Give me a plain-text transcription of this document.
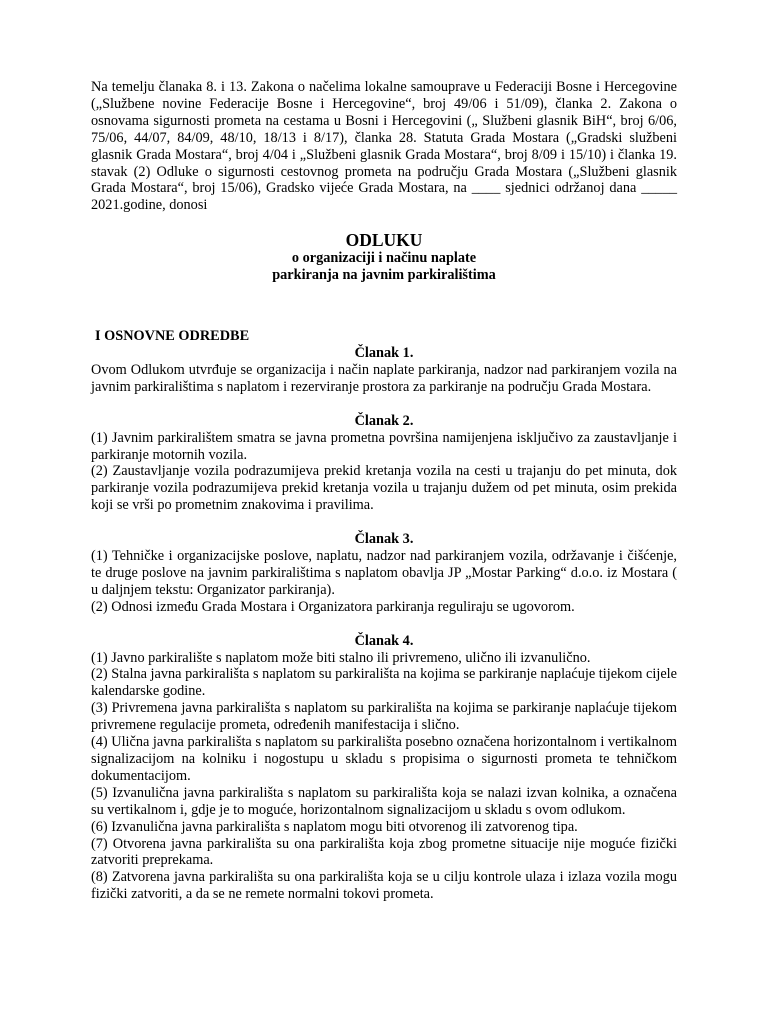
Na temelju članaka 8. i 13. Zakona o načelima lokalne samouprave u Federaciji Bosne i Hercegovine („Službene novine Federacije Bosne i Hercegovine“, broj 49/06 i 51/09), članka 2. Zakona o osnovama sigurnosti prometa na cestama u Bosni i Hercegovini („ Službeni glasnik BiH“, broj 6/06, 75/06, 44/07, 84/09, 48/10, 18/13 i 8/17), članka 28. Statuta Grada Mostara („Gradski službeni glasnik Grada Mostara“, broj 4/04 i „Službeni glasnik Grada Mostara“, broj 8/09 i 15/10) i članka 19. stavak (2) Odluke o sigurnosti cestovnog prometa na području Grada Mostara („Službeni glasnik Grada Mostara“, broj 15/06), Gradsko vijeće Grada Mostara, na ____ sjednici održanoj dana _____ 2021.godine, donosi

ODLUKU
o organizaciji i načinu naplate
parkiranja na javnim parkiralištima
I OSNOVNE ODREDBE
Članak 1.

Ovom Odlukom utvrđuje se organizacija i način naplate parkiranja, nadzor nad parkiranjem vozila na javnim parkiralištima s naplatom i rezerviranje prostora za parkiranje na području Grada Mostara.

Članak 2.

(1) Javnim parkiralištem smatra se javna prometna površina namijenjena isključivo za zaustavljanje i parkiranje motornih vozila.

(2) Zaustavljanje vozila podrazumijeva prekid kretanja vozila na cesti u trajanju do pet minuta, dok parkiranje vozila podrazumijeva prekid kretanja vozila u trajanju dužem od pet minuta, osim prekida koji se vrši po prometnim znakovima i pravilima.

Članak 3.

(1) Tehničke i organizacijske poslove, naplatu, nadzor nad parkiranjem vozila, održavanje i čišćenje, te druge poslove na javnim parkiralištima s naplatom obavlja JP „Mostar Parking“ d.o.o. iz Mostara ( u daljnjem tekstu: Organizator parkiranja).

(2) Odnosi između Grada Mostara i Organizatora parkiranja reguliraju se ugovorom.

Članak 4.

(1) Javno parkiralište s naplatom može biti stalno ili privremeno, ulično ili izvanulično.

(2) Stalna javna parkirališta s naplatom su parkirališta na kojima se parkiranje naplaćuje tijekom cijele kalendarske godine.

(3) Privremena javna parkirališta s naplatom su parkirališta na kojima se parkiranje naplaćuje tijekom privremene regulacije prometa, određenih manifestacija i slično.

(4) Ulična javna parkirališta s naplatom su parkirališta posebno označena horizontalnom i vertikalnom signalizacijom na kolniku i nogostupu u skladu s propisima o sigurnosti prometa te tehničkom dokumentacijom.

(5) Izvanulična javna parkirališta s naplatom su parkirališta koja se nalazi izvan kolnika, a označena su vertikalnom i, gdje je to moguće, horizontalnom signalizacijom u skladu s ovom odlukom.

(6) Izvanulična javna parkirališta s naplatom mogu biti otvorenog ili zatvorenog tipa.

(7) Otvorena javna parkirališta su ona parkirališta koja zbog prometne situacije nije moguće fizički zatvoriti preprekama.

(8) Zatvorena javna parkirališta su ona parkirališta koja se u cilju kontrole ulaza i izlaza vozila mogu fizički zatvoriti, a da se ne remete normalni tokovi prometa.
